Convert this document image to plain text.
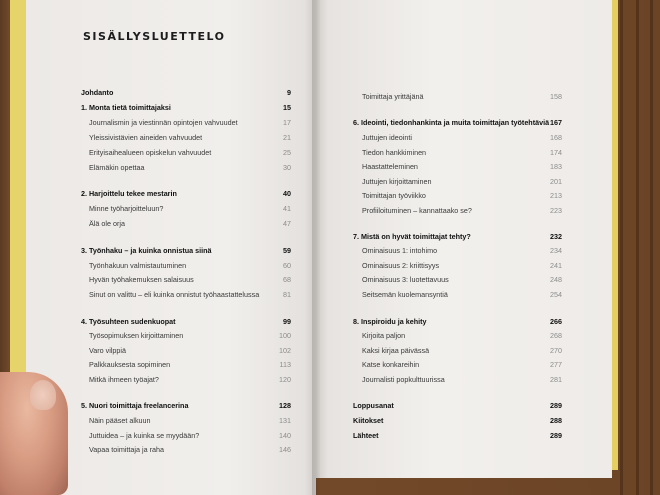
SISÄLLYSLUETTELO
Johdanto	9
1. Monta tietä toimittajaksi	15
Journalismin ja viestinnän opintojen vahvuudet	17
Yleissivistävien aineiden vahvuudet	21
Erityisaihealueen opiskelun vahvuudet	25
Elämäkin opettaa	30
2. Harjoittelu tekee mestarin	40
Minne työharjoitteluun?	41
Älä ole orja	47
3. Työnhaku – ja kuinka onnistua siinä	59
Työnhakuun valmistautuminen	60
Hyvän työhakemuksen salaisuus	68
Sinut on valittu – eli kuinka onnistut työhaastattelussa	81
4. Työsuhteen sudenkuopat	99
Työsopimuksen kirjoittaminen	100
Varo vilppiä	102
Palkkauksesta sopiminen	113
Mitkä ihmeen työajat?	120
5. Nuori toimittaja freelancerina	128
Näin pääset alkuun	131
Juttuidea – ja kuinka se myydään?	140
Vapaa toimittaja ja raha	146
Toimittaja yrittäjänä	158
6. Ideointi, tiedonhankinta ja muita toimittajan työtehtäviä 167
Juttujen ideointi	168
Tiedon hankkiminen	174
Haastatteleminen	183
Juttujen kirjoittaminen	201
Toimittajan työviikko	213
Profiiloituminen – kannattaako se?	223
7. Mistä on hyvät toimittajat tehty?	232
Ominaisuus 1: intohimo	234
Ominaisuus 2: kriittisyys	241
Ominaisuus 3: luotettavuus	248
Seitsemän kuolemansyntiä	254
8. Inspiroidu ja kehity	266
Kirjoita paljon	268
Kaksi kirjaa päivässä	270
Katse konkareihin	277
Journalisti popkulttuurissa	281
Loppusanat	289
Kiitokset	288
Lähteet	289
